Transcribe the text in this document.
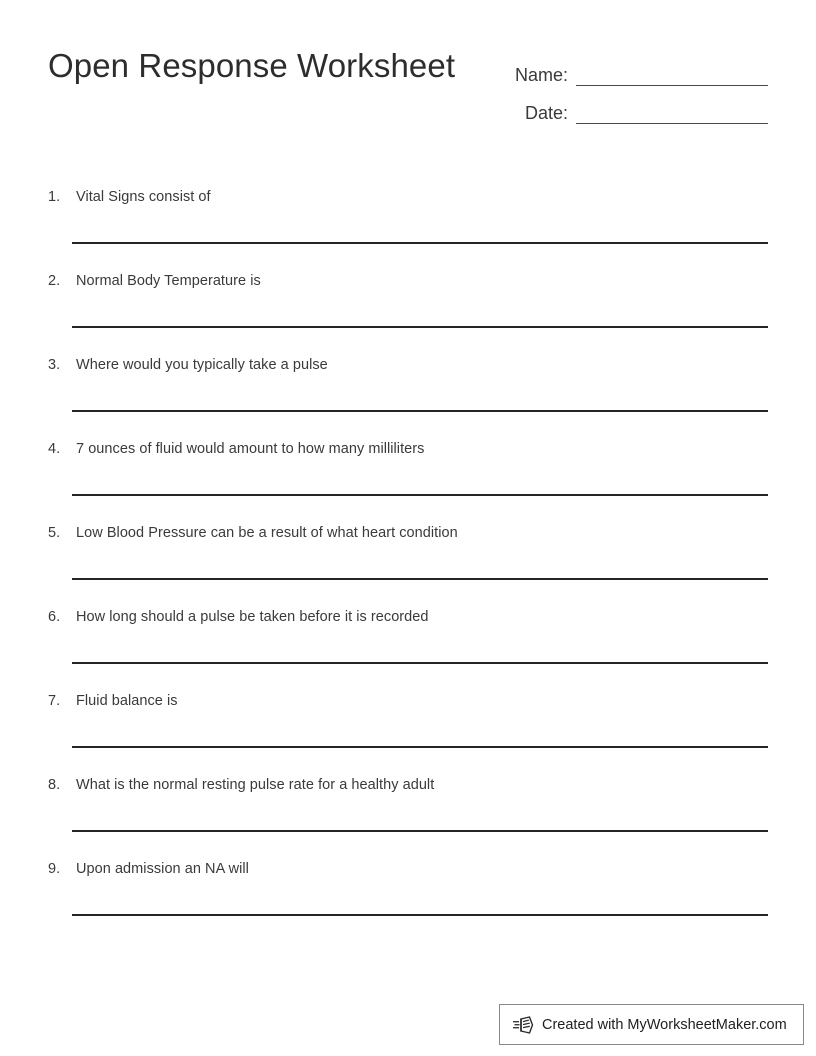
Open Response Worksheet	Name:
Date:
1.	Vital Signs consist of
2.	Normal Body Temperature is
3.	Where would you typically take a pulse
4.	7 ounces of fluid would amount to how many milliliters
5.	Low Blood Pressure can be a result of what heart condition
6.	How long should a pulse be taken before it is recorded
7.	Fluid balance is
8.	What is the normal resting pulse rate for a healthy adult
9.	Upon admission an NA will
Created with MyWorksheetMaker.com
